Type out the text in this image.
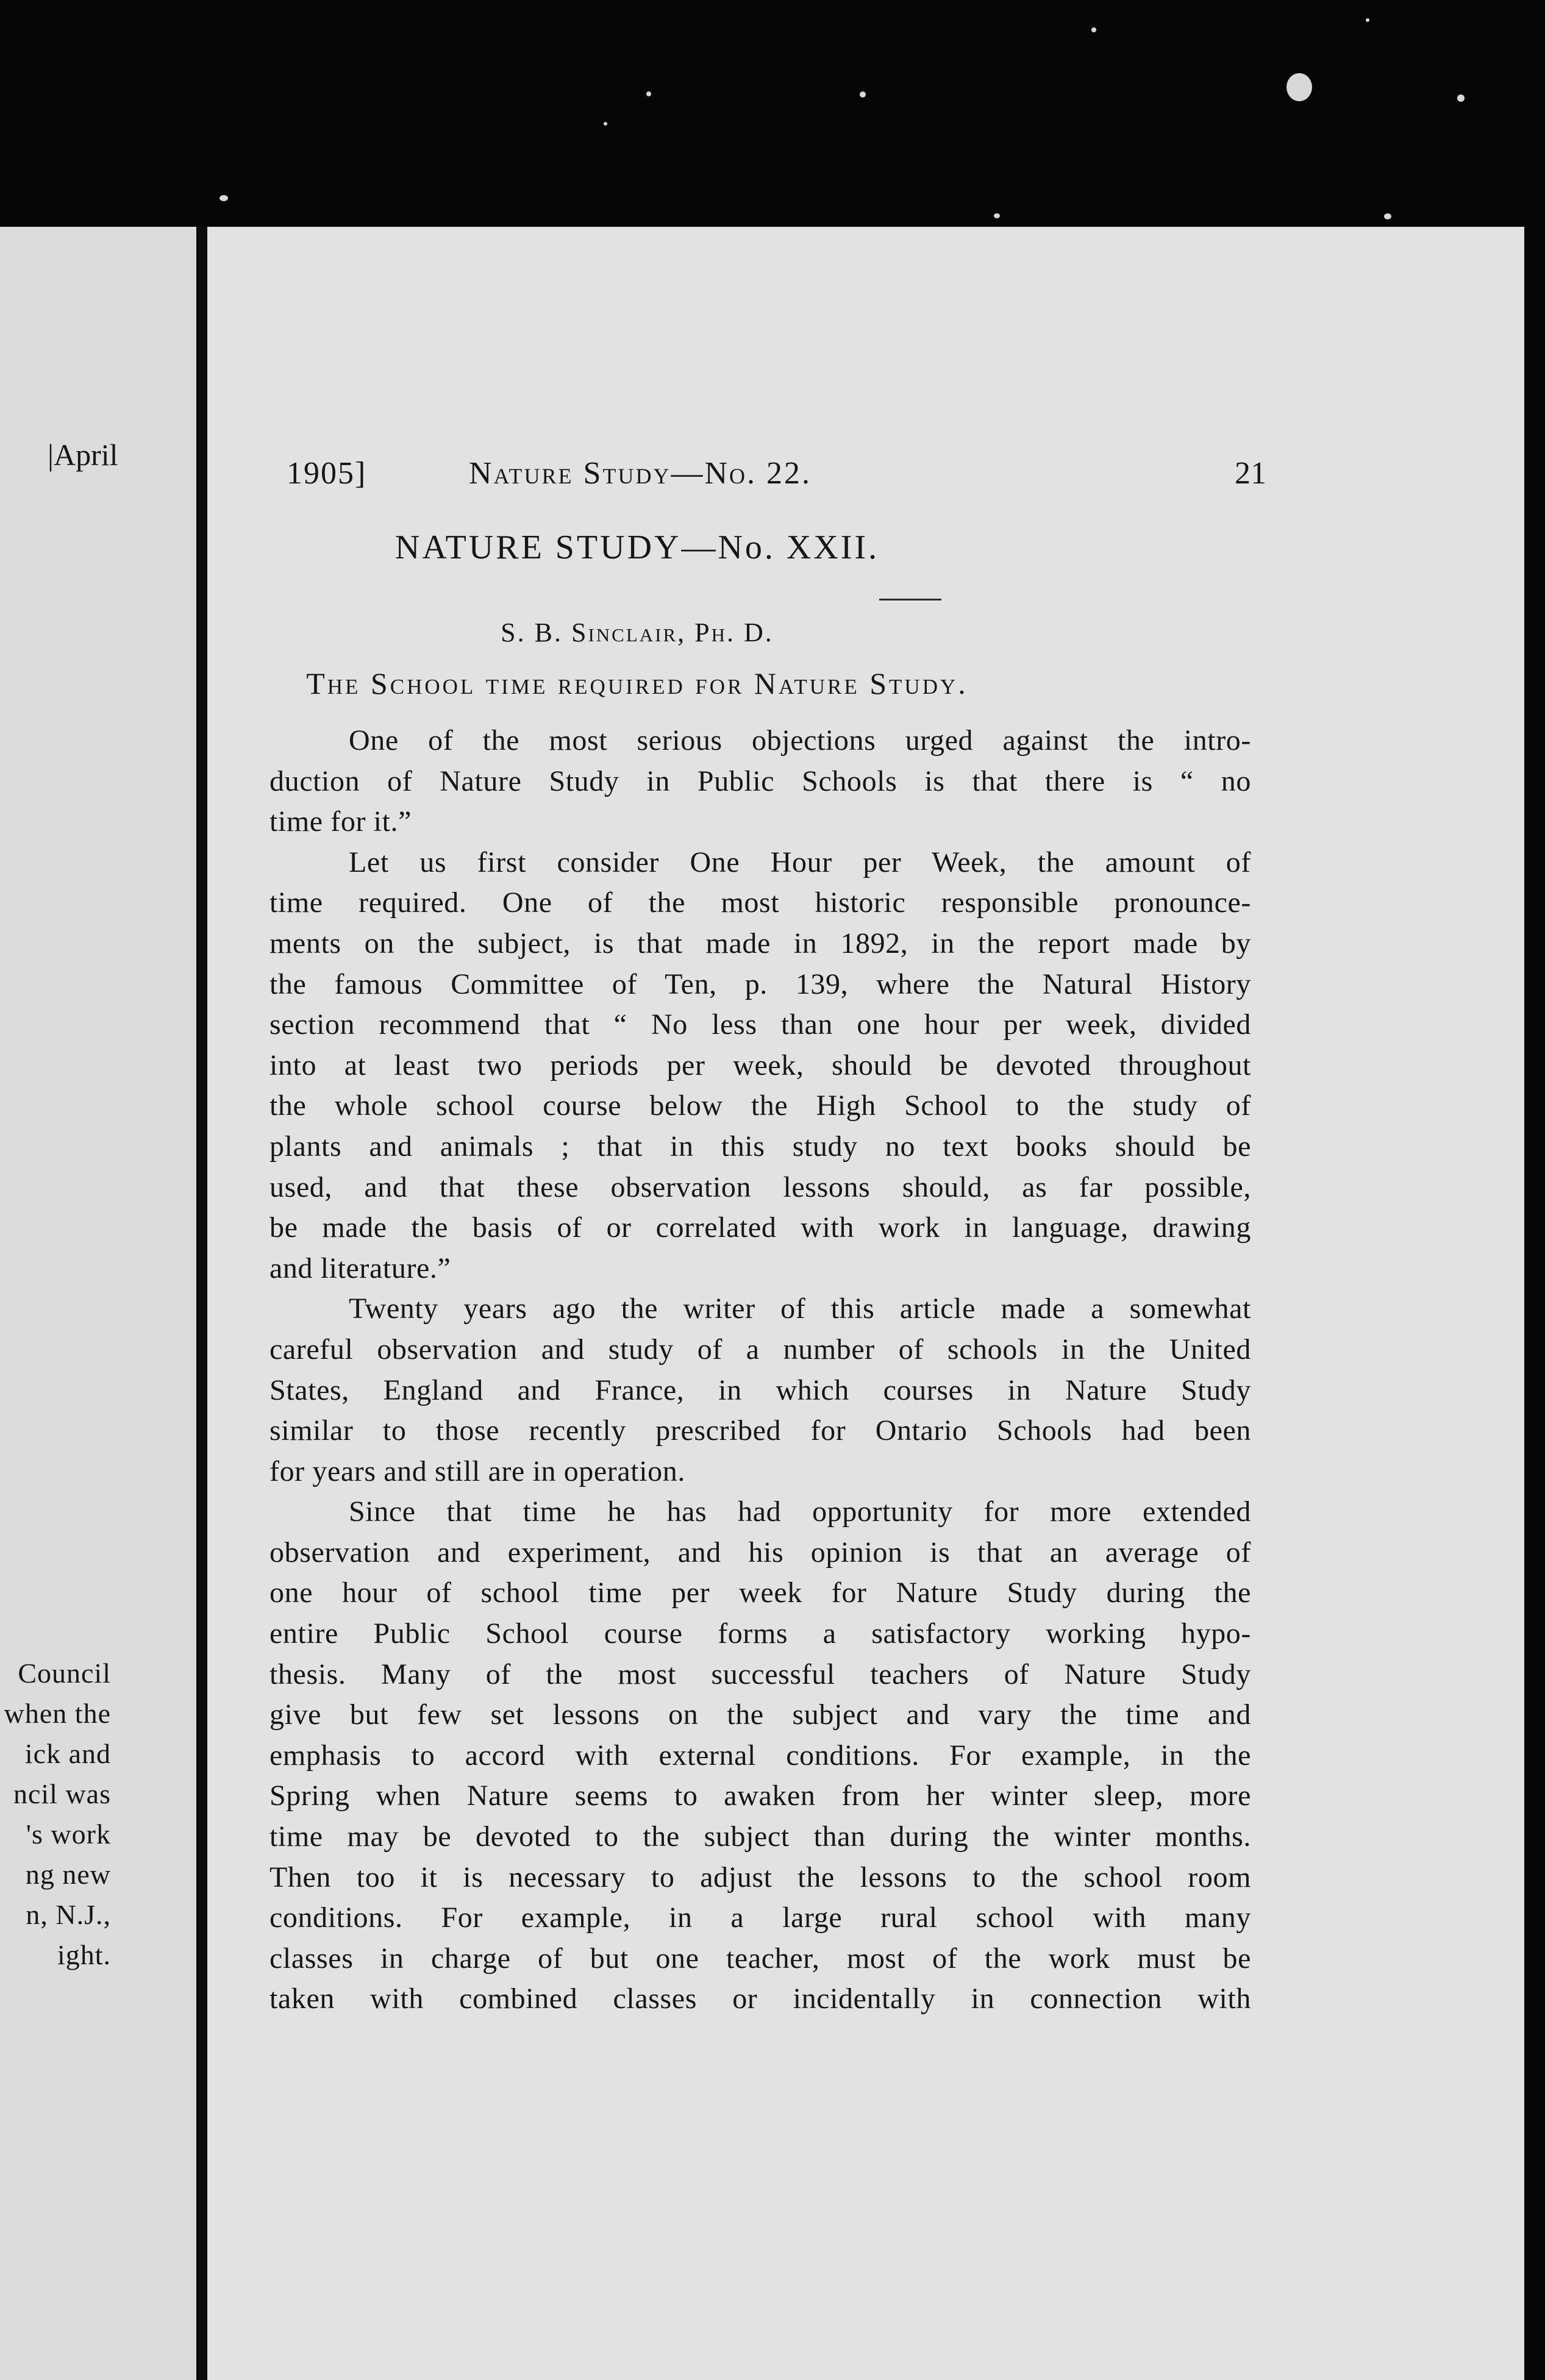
|April
Council
when the
ick and
ncil was
's work
ng new
n, N.J.,
ight.
1905]	Nature Study—No. 22.	21
NATURE STUDY—No. XXII.
S. B. Sinclair, Ph. D.
The School time required for Nature Study.
One of the most serious objections urged against the intro-
duction of Nature Study in Public Schools is that there is “ no
time for it.”
Let us first consider One Hour per Week, the amount of
time required. One of the most historic responsible pronounce-
ments on the subject, is that made in 1892, in the report made by
the famous Committee of Ten, p. 139, where the Natural History
section recommend that “ No less than one hour per week, divided
into at least two periods per week, should be devoted throughout
the whole school course below the High School to the study of
plants and animals ; that in this study no text books should be
used, and that these observation lessons should, as far possible,
be made the basis of or correlated with work in language, drawing
and literature.”
Twenty years ago the writer of this article made a somewhat
careful observation and study of a number of schools in the United
States, England and France, in which courses in Nature Study
similar to those recently prescribed for Ontario Schools had been
for years and still are in operation.
Since that time he has had opportunity for more extended
observation and experiment, and his opinion is that an average of
one hour of school time per week for Nature Study during the
entire Public School course forms a satisfactory working hypo-
thesis. Many of the most successful teachers of Nature Study
give but few set lessons on the subject and vary the time and
emphasis to accord with external conditions. For example, in the
Spring when Nature seems to awaken from her winter sleep, more
time may be devoted to the subject than during the winter months.
Then too it is necessary to adjust the lessons to the school room
conditions. For example, in a large rural school with many
classes in charge of but one teacher, most of the work must be
taken with combined classes or incidentally in connection with
